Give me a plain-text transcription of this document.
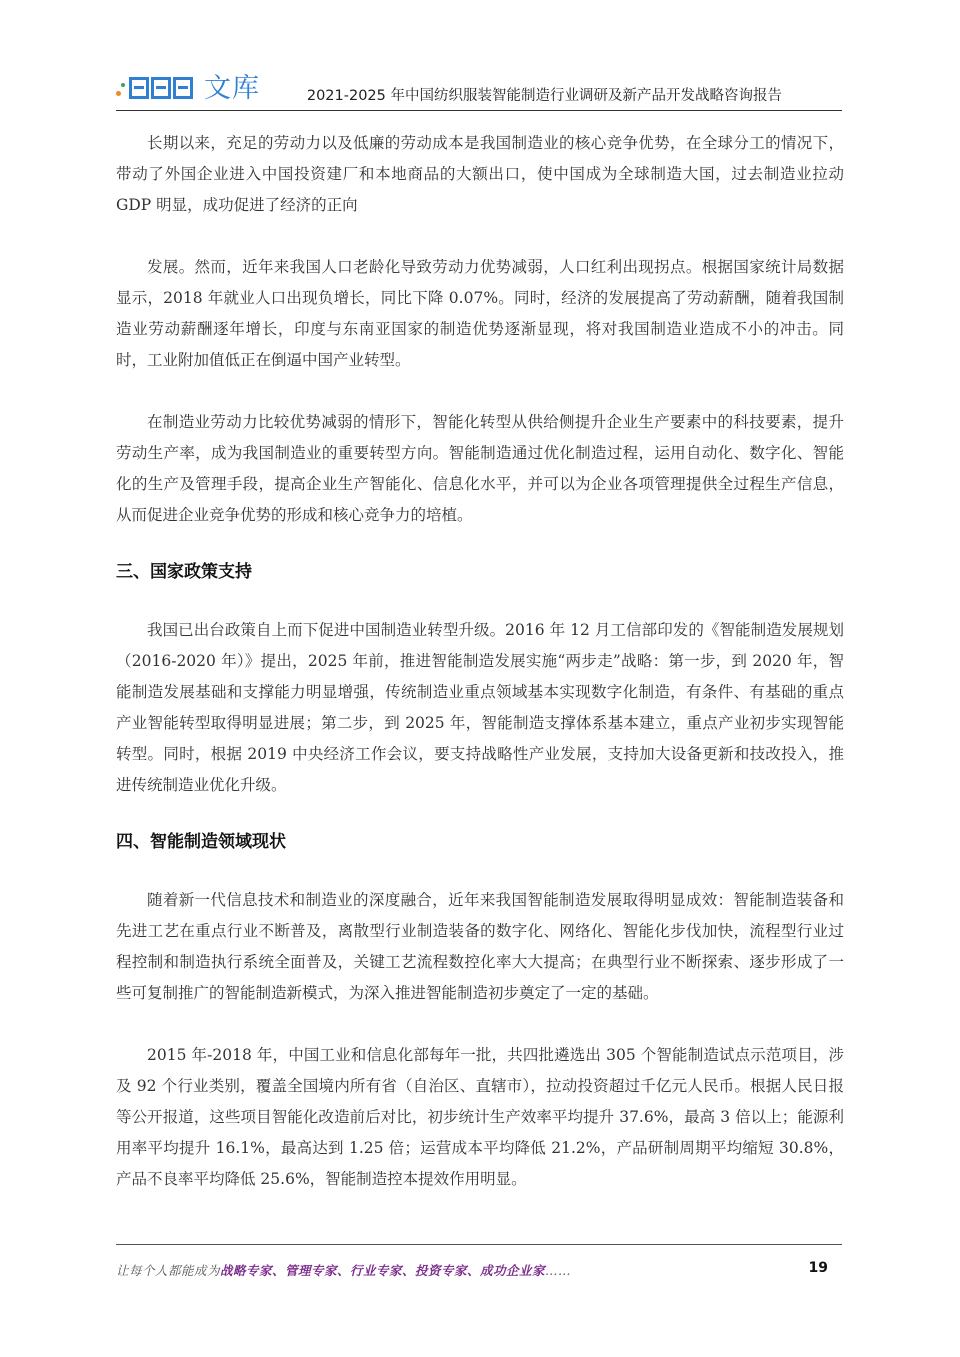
文库	2021-2025 年中国纺织服装智能制造行业调研及新产品开发战略咨询报告

长期以来，充足的劳动力以及低廉的劳动成本是我国制造业的核心竞争优势，在全球分工的情况下，带动了外国企业进入中国投资建厂和本地商品的大额出口，使中国成为全球制造大国，过去制造业拉动 GDP 明显，成功促进了经济的正向

发展。然而，近年来我国人口老龄化导致劳动力优势减弱，人口红利出现拐点。根据国家统计局数据显示，2018 年就业人口出现负增长，同比下降 0.07%。同时，经济的发展提高了劳动薪酬，随着我国制造业劳动薪酬逐年增长，印度与东南亚国家的制造优势逐渐显现，将对我国制造业造成不小的冲击。同时，工业附加值低正在倒逼中国产业转型。

在制造业劳动力比较优势减弱的情形下，智能化转型从供给侧提升企业生产要素中的科技要素，提升劳动生产率，成为我国制造业的重要转型方向。智能制造通过优化制造过程，运用自动化、数字化、智能化的生产及管理手段，提高企业生产智能化、信息化水平，并可以为企业各项管理提供全过程生产信息，从而促进企业竞争优势的形成和核心竞争力的培植。

三、国家政策支持

我国已出台政策自上而下促进中国制造业转型升级。2016 年 12 月工信部印发的《智能制造发展规划（2016-2020 年）》提出，2025 年前，推进智能制造发展实施“两步走”战略：第一步，到 2020 年，智能制造发展基础和支撑能力明显增强，传统制造业重点领域基本实现数字化制造，有条件、有基础的重点产业智能转型取得明显进展；第二步，到 2025 年，智能制造支撑体系基本建立，重点产业初步实现智能转型。同时，根据 2019 中央经济工作会议，要支持战略性产业发展，支持加大设备更新和技改投入，推进传统制造业优化升级。

四、智能制造领域现状

随着新一代信息技术和制造业的深度融合，近年来我国智能制造发展取得明显成效：智能制造装备和先进工艺在重点行业不断普及，离散型行业制造装备的数字化、网络化、智能化步伐加快，流程型行业过程控制和制造执行系统全面普及，关键工艺流程数控化率大大提高；在典型行业不断探索、逐步形成了一些可复制推广的智能制造新模式，为深入推进智能制造初步奠定了一定的基础。

2015 年-2018 年，中国工业和信息化部每年一批，共四批遴选出 305 个智能制造试点示范项目，涉及 92 个行业类别，覆盖全国境内所有省（自治区、直辖市），拉动投资超过千亿元人民币。根据人民日报等公开报道，这些项目智能化改造前后对比，初步统计生产效率平均提升 37.6%，最高 3 倍以上；能源利用率平均提升 16.1%，最高达到 1.25 倍；运营成本平均降低 21.2%，产品研制周期平均缩短 30.8%，产品不良率平均降低 25.6%，智能制造控本提效作用明显。

让每个人都能成为战略专家、管理专家、行业专家、投资专家、成功企业家……	19
